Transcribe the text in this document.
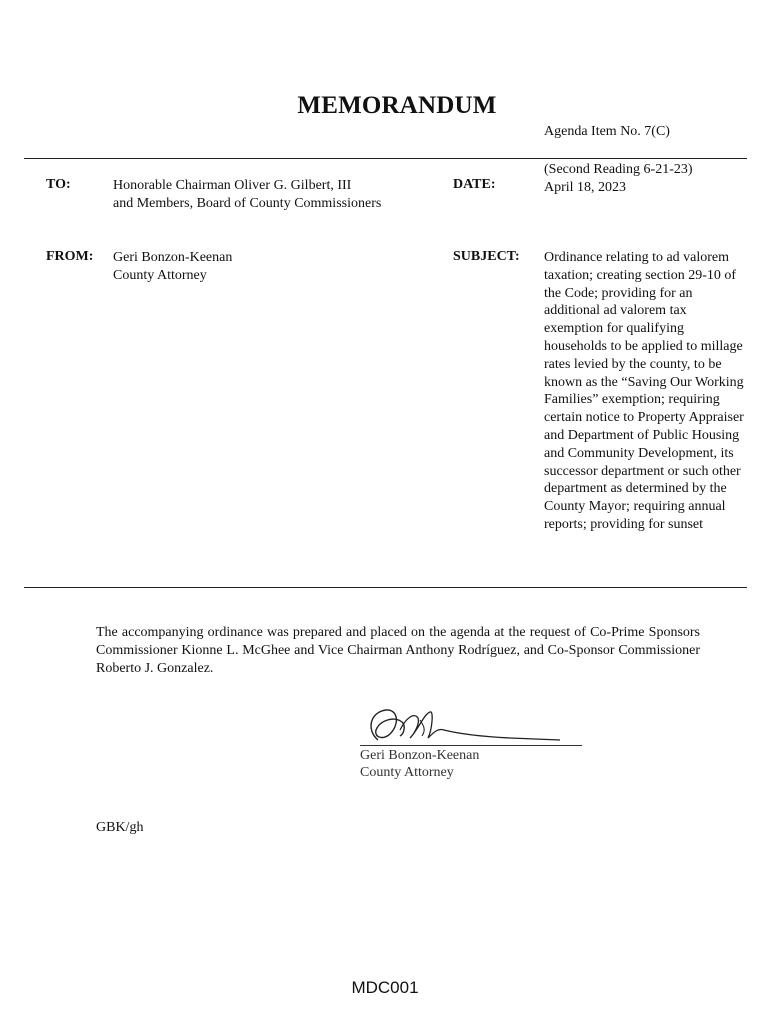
MEMORANDUM
Agenda Item No. 7(C)
TO:	Honorable Chairman Oliver G. Gilbert, III
and Members, Board of County Commissioners
DATE:
(Second Reading 6-21-23)
April 18, 2023
FROM: Geri Bonzon-Keenan
County Attorney
SUBJECT: Ordinance relating to ad valorem taxation; creating section 29-10 of the Code; providing for an additional ad valorem tax exemption for qualifying households to be applied to millage rates levied by the county, to be known as the “Saving Our Working Families” exemption; requiring certain notice to Property Appraiser and Department of Public Housing and Community Development, its successor department or such other department as determined by the County Mayor; requiring annual reports; providing for sunset
The accompanying ordinance was prepared and placed on the agenda at the request of Co-Prime Sponsors Commissioner Kionne L. McGhee and Vice Chairman Anthony Rodríguez, and Co-Sponsor Commissioner Roberto J. Gonzalez.
Geri Bonzon-Keenan
County Attorney
GBK/gh
MDC001
